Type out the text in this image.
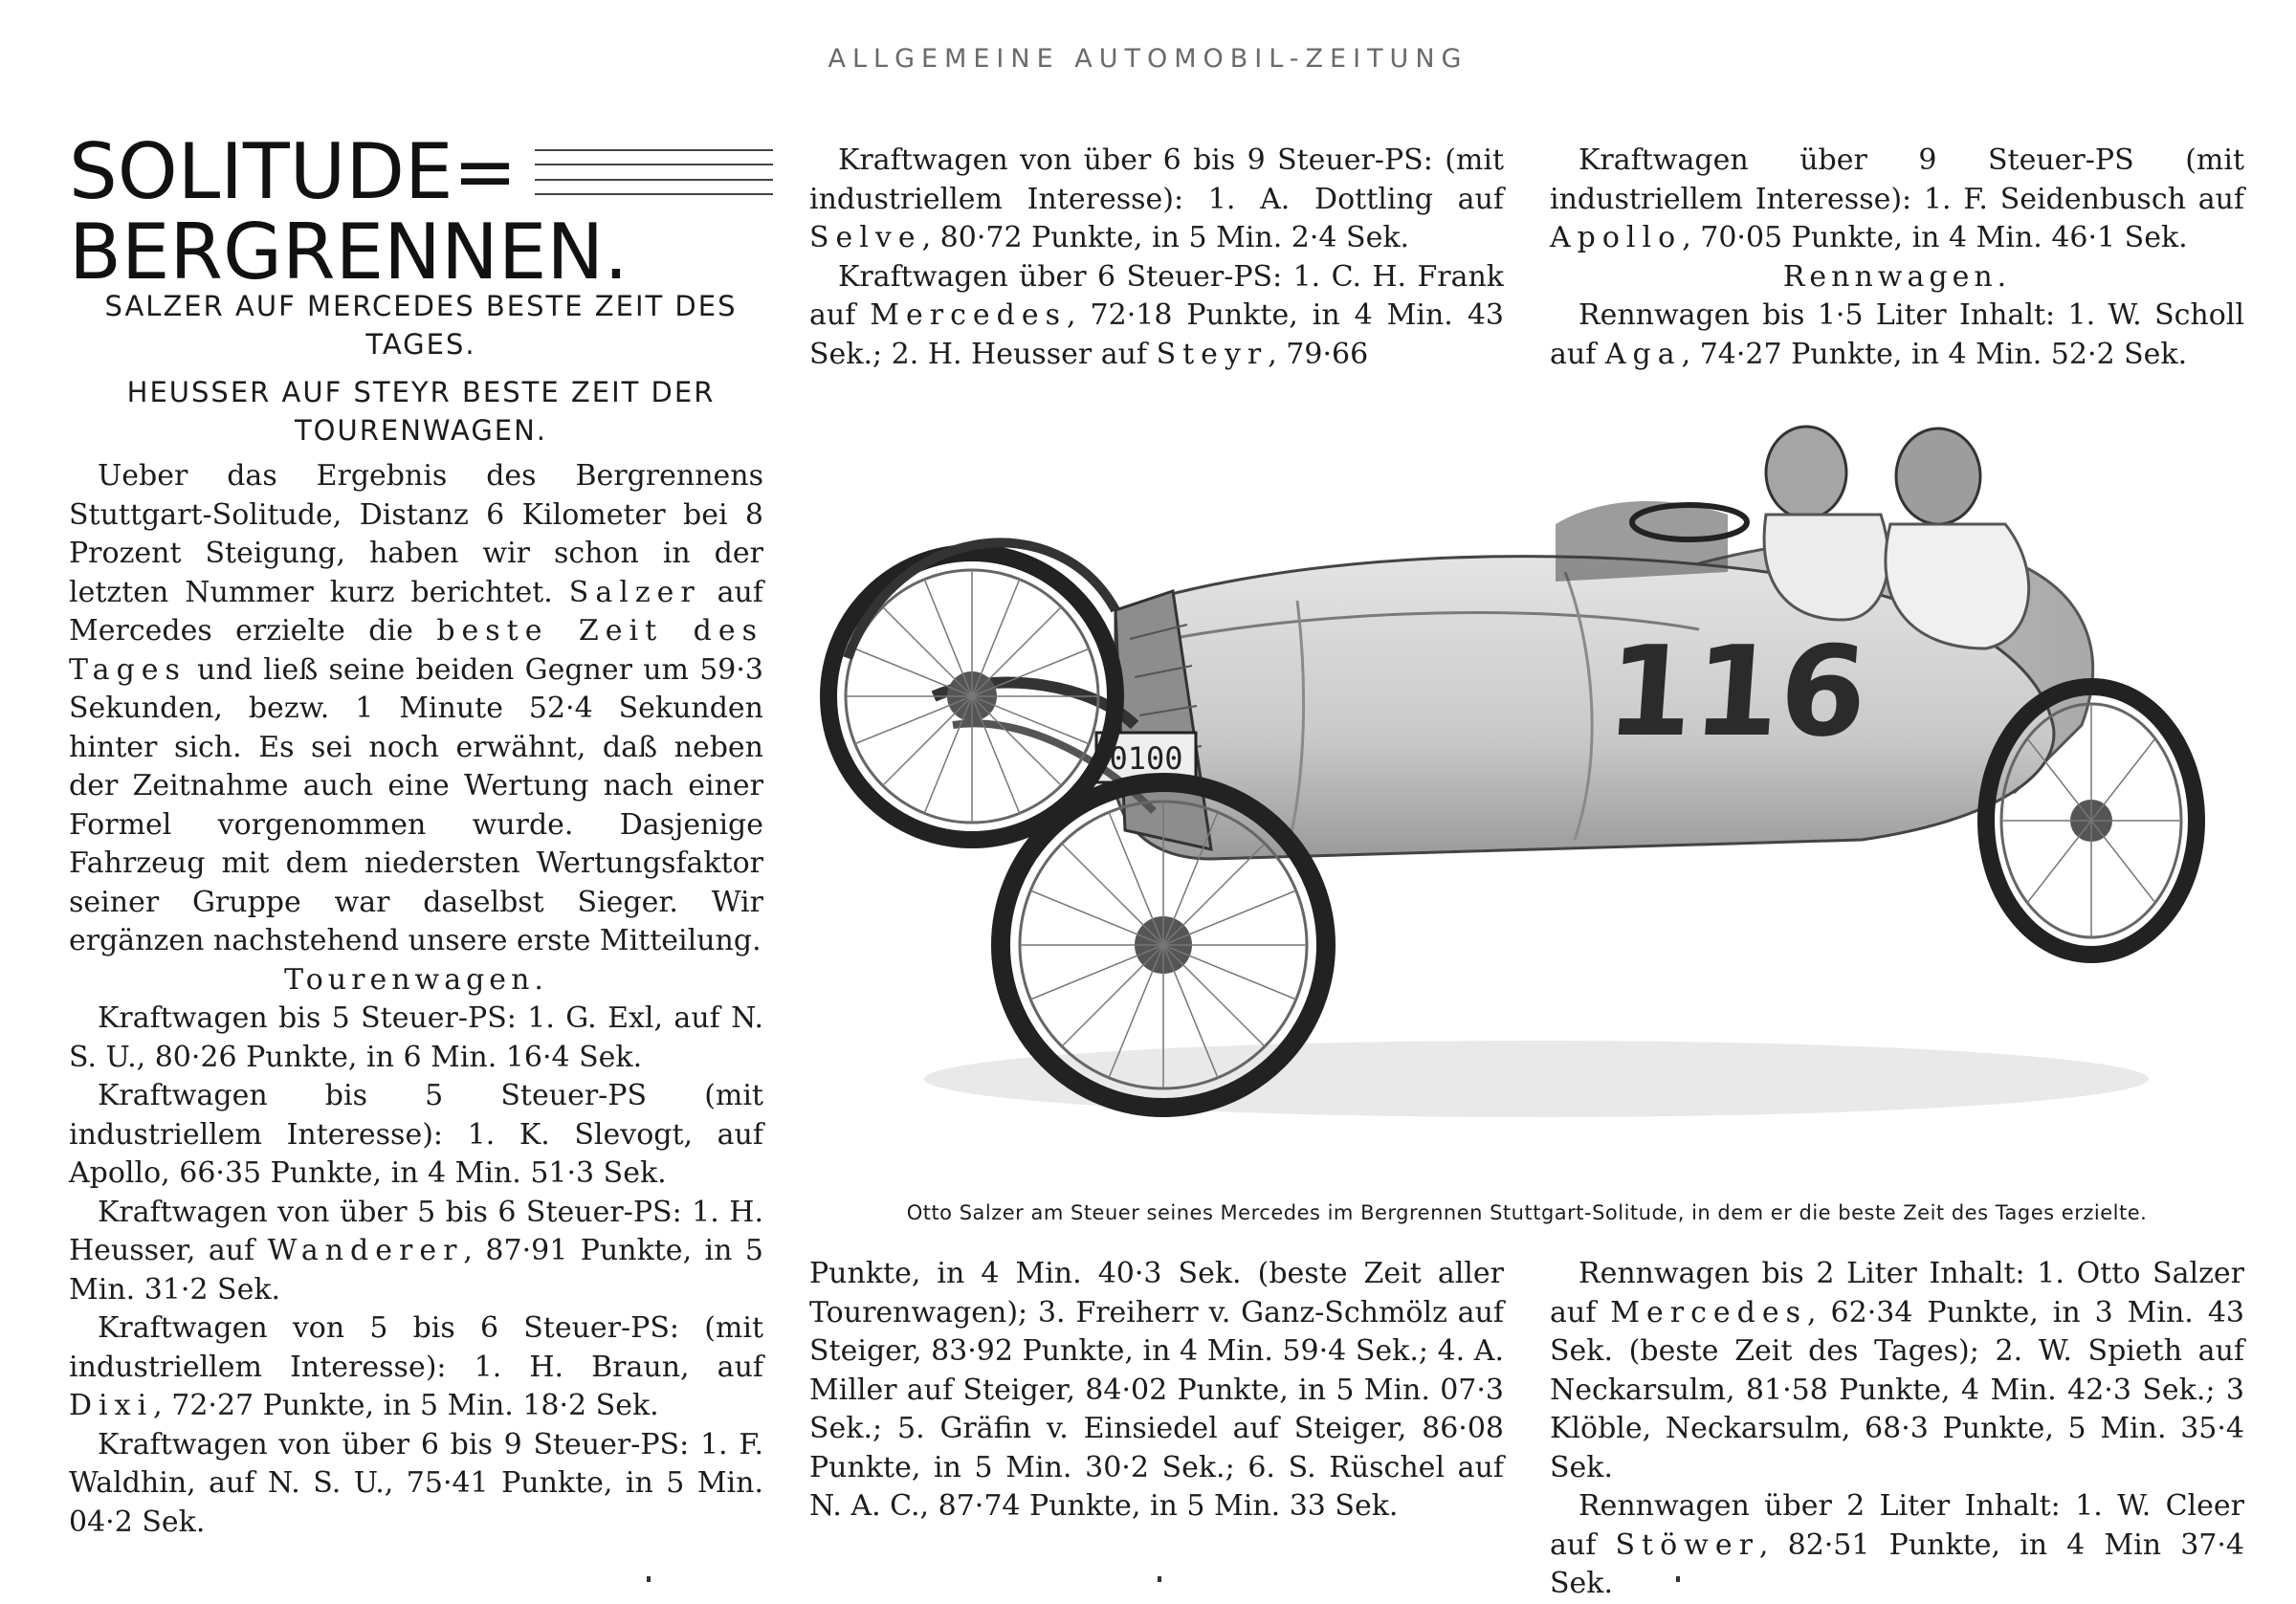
ALLGEMEINE AUTOMOBIL-ZEITUNG
SOLITUDE=
BERGRENNEN.
SALZER AUF MERCEDES BESTE ZEIT DES TAGES.
HEUSSER AUF STEYR BESTE ZEIT DER TOURENWAGEN.

Ueber das Ergebnis des Bergrennens Stuttgart-Solitude, Distanz 6 Kilometer bei 8 Prozent Steigung, haben wir schon in der letzten Nummer kurz berichtet. Salzer auf Mercedes erzielte die beste Zeit des Tages und ließ seine beiden Gegner um 59·3 Sekunden, bezw. 1 Minute 52·4 Sekunden hinter sich. Es sei noch erwähnt, daß neben der Zeitnahme auch eine Wertung nach einer Formel vorgenommen wurde. Dasjenige Fahrzeug mit dem niedersten Wertungsfaktor seiner Gruppe war daselbst Sieger. Wir ergänzen nachstehend unsere erste Mitteilung.

Tourenwagen.

Kraftwagen bis 5 Steuer-PS: 1. G. Exl, auf N. S. U., 80·26 Punkte, in 6 Min. 16·4 Sek.

Kraftwagen bis 5 Steuer-PS (mit industriellem Interesse): 1. K. Slevogt, auf Apollo, 66·35 Punkte, in 4 Min. 51·3 Sek.

Kraftwagen von über 5 bis 6 Steuer-PS: 1. H. Heusser, auf Wanderer, 87·91 Punkte, in 5 Min. 31·2 Sek.

Kraftwagen von 5 bis 6 Steuer-PS: (mit industriellem Interesse): 1. H. Braun, auf Dixi, 72·27 Punkte, in 5 Min. 18·2 Sek.

Kraftwagen von über 6 bis 9 Steuer-PS: 1. F. Waldhin, auf N. S. U., 75·41 Punkte, in 5 Min. 04·2 Sek.

Kraftwagen von über 6 bis 9 Steuer-PS: (mit industriellem Interesse): 1. A. Dottling auf Selve, 80·72 Punkte, in 5 Min. 2·4 Sek.

Kraftwagen über 6 Steuer-PS: 1. C. H. Frank auf Mercedes, 72·18 Punkte, in 4 Min. 43 Sek.; 2. H. Heusser auf Steyr, 79·66

Kraftwagen über 9 Steuer-PS (mit industriellem Interesse): 1. F. Seidenbusch auf Apollo, 70·05 Punkte, in 4 Min. 46·1 Sek.

Rennwagen.

Rennwagen bis 1·5 Liter Inhalt: 1. W. Scholl auf Aga, 74·27 Punkte, in 4 Min. 52·2 Sek.

0100	116
Otto Salzer am Steuer seines Mercedes im Bergrennen Stuttgart-Solitude, in dem er die beste Zeit des Tages erzielte.

Punkte, in 4 Min. 40·3 Sek. (beste Zeit aller Tourenwagen); 3. Freiherr v. Ganz-Schmölz auf Steiger, 83·92 Punkte, in 4 Min. 59·4 Sek.; 4. A. Miller auf Steiger, 84·02 Punkte, in 5 Min. 07·3 Sek.; 5. Gräfin v. Einsiedel auf Steiger, 86·08 Punkte, in 5 Min. 30·2 Sek.; 6. S. Rüschel auf N. A. C., 87·74 Punkte, in 5 Min. 33 Sek.

Rennwagen bis 2 Liter Inhalt: 1. Otto Salzer auf Mercedes, 62·34 Punkte, in 3 Min. 43 Sek. (beste Zeit des Tages); 2. W. Spieth auf Neckarsulm, 81·58 Punkte, 4 Min. 42·3 Sek.; 3 Klöble, Neckarsulm, 68·3 Punkte, 5 Min. 35·4 Sek.

Rennwagen über 2 Liter Inhalt: 1. W. Cleer auf Stöwer, 82·51 Punkte, in 4 Min 37·4 Sek.
